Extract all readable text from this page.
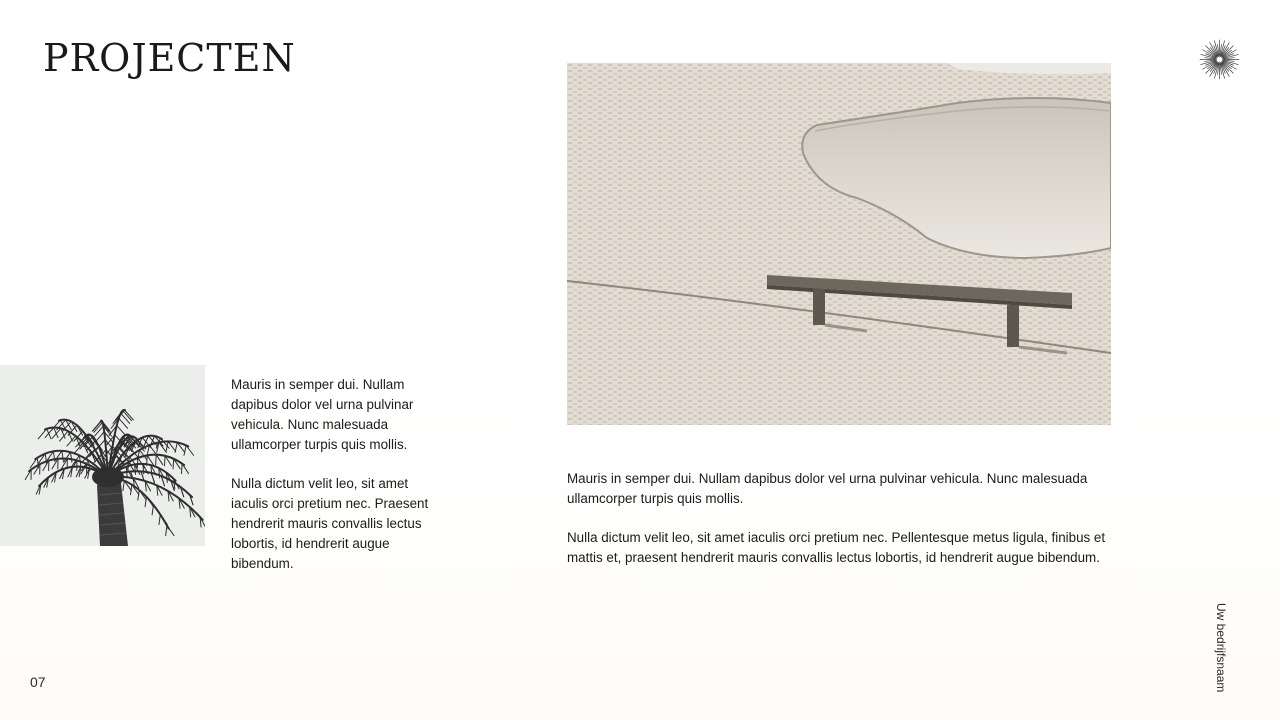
PROJECTEN

Mauris in semper dui. Nullam dapibus dolor vel urna pulvinar vehicula. Nunc malesuada ullamcorper turpis quis mollis.

Nulla dictum velit leo, sit amet iaculis orci pretium nec. Praesent hendrerit mauris convallis lectus lobortis, id hendrerit augue bibendum.

Mauris in semper dui. Nullam dapibus dolor vel urna pulvinar vehicula. Nunc malesuada ullamcorper turpis quis mollis.

Nulla dictum velit leo, sit amet iaculis orci pretium nec. Pellentesque metus ligula, finibus et mattis et, praesent hendrerit mauris convallis lectus lobortis, id hendrerit augue bibendum.

07	Uw bedrijfsnaam
